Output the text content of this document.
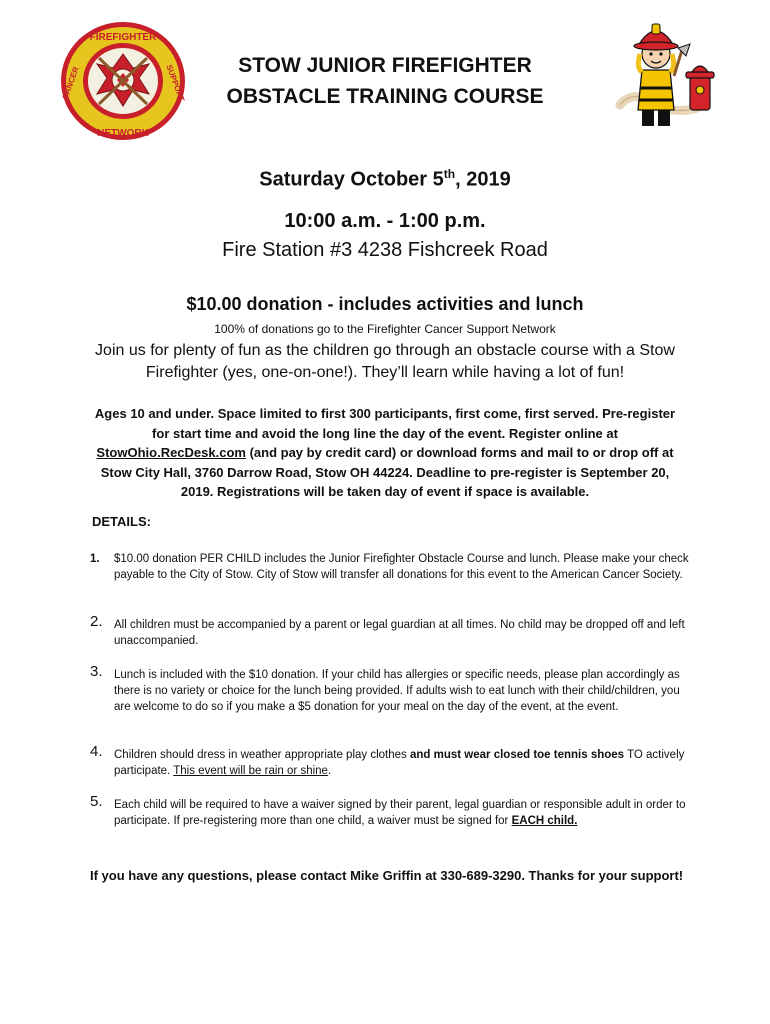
FIREFIGHTER
NETWORK
CANCER	SUPPORT	STOW JUNIOR FIREFIGHTER
OBSTACLE TRAINING COURSE
Saturday October 5th, 2019
10:00 a.m. - 1:00 p.m.
Fire Station #3 4238 Fishcreek Road
$10.00 donation - includes activities and lunch
100% of donations go to the Firefighter Cancer Support Network
Join us for plenty of fun as the children go through an obstacle course with a Stow Firefighter (yes, one-on-one!). They’ll learn while having a lot of fun!
Ages 10 and under. Space limited to first 300 participants, first come, first served. Pre-register for start time and avoid the long line the day of the event. Register online at StowOhio.RecDesk.com (and pay by credit card) or download forms and mail to or drop off at Stow City Hall, 3760 Darrow Road, Stow OH 44224. Deadline to pre-register is September 20, 2019. Registrations will be taken day of event if space is available.
DETAILS:
1.	$10.00 donation PER CHILD includes the Junior Firefighter Obstacle Course and lunch. Please make your check payable to the City of Stow. City of Stow will transfer all donations for this event to the American Cancer Society.
2. All children must be accompanied by a parent or legal guardian at all times. No child may be dropped off and left unaccompanied.
3. Lunch is included with the $10 donation. If your child has allergies or specific needs, please plan accordingly as there is no variety or choice for the lunch being provided. If adults wish to eat lunch with their child/children, you are welcome to do so if you make a $5 donation for your meal on the day of the event, at the event.
4. Children should dress in weather appropriate play clothes and must wear closed toe tennis shoes TO actively participate. This event will be rain or shine.
5. Each child will be required to have a waiver signed by their parent, legal guardian or responsible adult in order to participate. If pre-registering more than one child, a waiver must be signed for EACH child.
If you have any questions, please contact Mike Griffin at 330-689-3290. Thanks for your support!
